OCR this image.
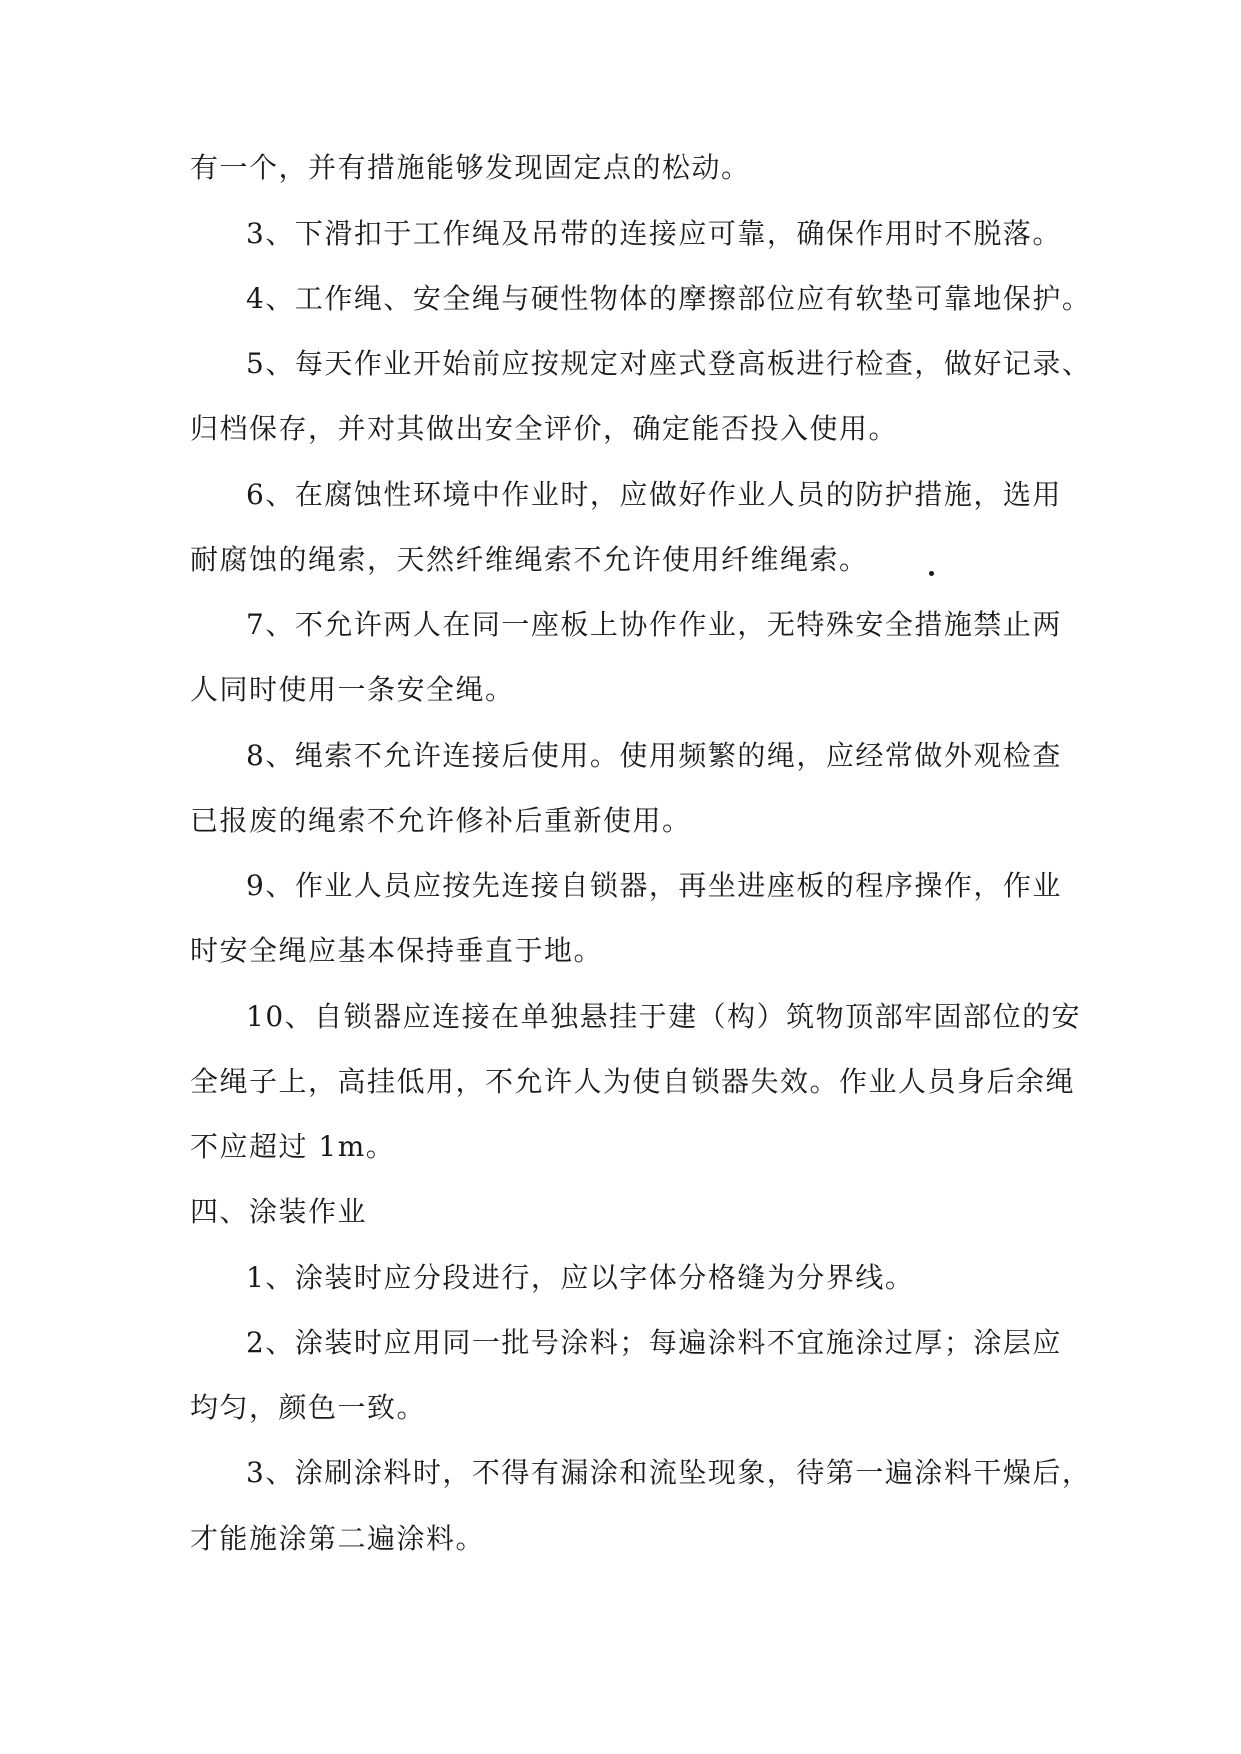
有一个，并有措施能够发现固定点的松动。
3、下滑扣于工作绳及吊带的连接应可靠，确保作用时不脱落。
4、工作绳、安全绳与硬性物体的摩擦部位应有软垫可靠地保护。
5、每天作业开始前应按规定对座式登高板进行检查，做好记录、
归档保存，并对其做出安全评价，确定能否投入使用。
6、在腐蚀性环境中作业时，应做好作业人员的防护措施，选用
耐腐蚀的绳索，天然纤维绳索不允许使用纤维绳索。
7、不允许两人在同一座板上协作作业，无特殊安全措施禁止两
人同时使用一条安全绳。
8、绳索不允许连接后使用。使用频繁的绳，应经常做外观检查
已报废的绳索不允许修补后重新使用。
9、作业人员应按先连接自锁器，再坐进座板的程序操作，作业
时安全绳应基本保持垂直于地。
10、自锁器应连接在单独悬挂于建（构）筑物顶部牢固部位的安
全绳子上，高挂低用，不允许人为使自锁器失效。作业人员身后余绳
不应超过 1m。
四、涂装作业
1、涂装时应分段进行，应以字体分格缝为分界线。
2、涂装时应用同一批号涂料；每遍涂料不宜施涂过厚；涂层应
均匀，颜色一致。
3、涂刷涂料时，不得有漏涂和流坠现象，待第一遍涂料干燥后，
才能施涂第二遍涂料。
